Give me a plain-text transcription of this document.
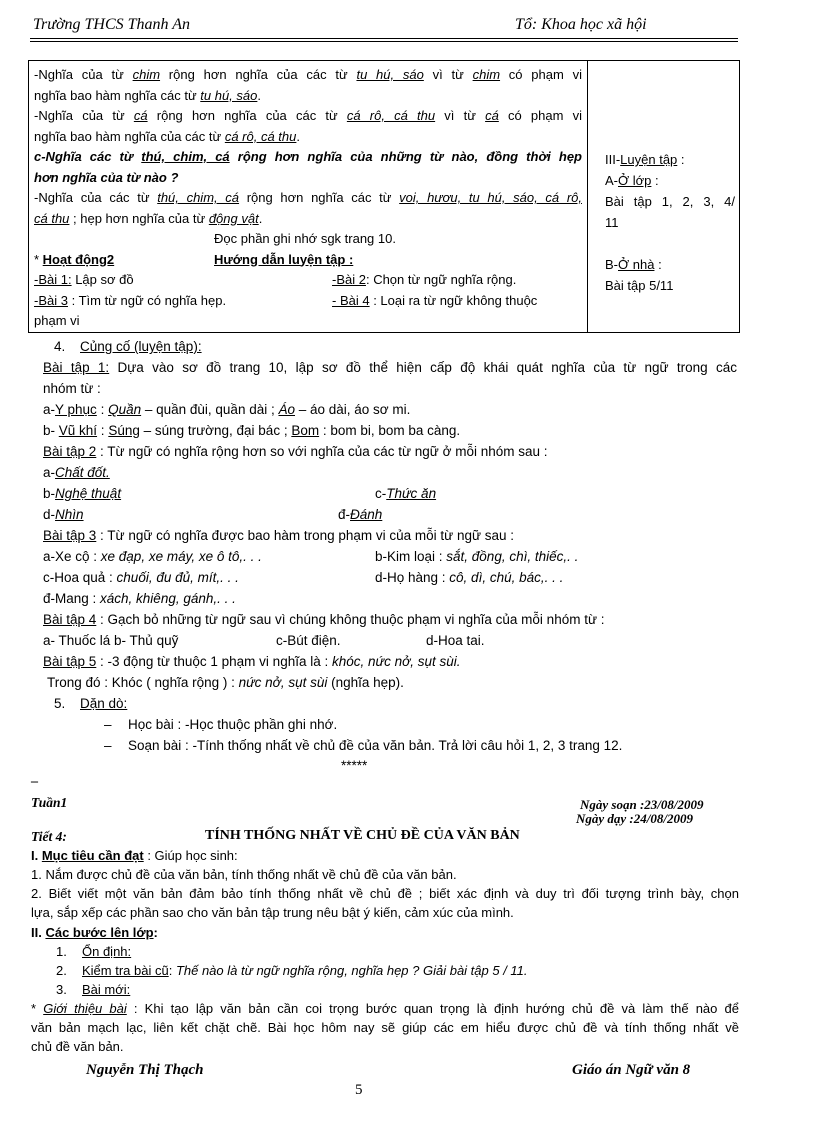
Trường THCS Thanh An	Tổ: Khoa học xã hội
-Nghĩa của từ chim rộng hơn nghĩa của các từ tu hú, sáo vì từ chim có phạm vi
nghĩa bao hàm nghĩa các từ tu hú, sáo.
-Nghĩa của từ cá rộng hơn nghĩa của các từ cá rô, cá thu vì từ cá có phạm vi
nghĩa bao hàm nghĩa của các từ cá rô, cá thu.
c-Nghĩa các từ thú, chim, cá rộng hơn nghĩa của những từ nào, đồng thời hẹp
hơn nghĩa của từ nào ?
-Nghĩa của các từ thú, chim, cá rộng hơn nghĩa các từ voi, hươu, tu hú, sáo, cá rô,
cá thu ; hẹp hơn nghĩa của từ động vật.
Đọc phần ghi nhớ sgk trang 10.
* Hoạt động2	Hướng dẫn luyện tập :
-Bài 1: Lập sơ đồ	-Bài 2: Chọn từ ngữ nghĩa rộng.
-Bài 3 : Tìm từ ngữ có nghĩa hẹp.	- Bài 4 : Loại ra từ ngữ không thuộc
phạm vi
III-Luyện tập :
A-Ở lớp :
Bài tập 1, 2, 3, 4/
11
B-Ở nhà :
Bài tập 5/11
4. Củng cố (luyện tập):
Bài tập 1: Dựa vào sơ đồ trang 10, lập sơ đồ thể hiện cấp độ khái quát nghĩa của từ ngữ trong các
nhóm từ :
a-Y phục : Quần – quần đùi, quần dài ; Áo – áo dài, áo sơ mi.
b- Vũ khí : Súng – súng trường, đại bác ; Bom : bom bi, bom ba càng.
Bài tập 2 : Từ ngữ có nghĩa rộng hơn so với nghĩa của các từ ngữ ở mỗi nhóm sau :
a-Chất đốt.
b-Nghệ thuật	c-Thức ăn
d-Nhìn	đ-Đánh
Bài tập 3 : Từ ngữ có nghĩa được bao hàm trong phạm vi của mỗi từ ngữ sau :
a-Xe cộ : xe đạp, xe máy, xe ô tô,. . .	b-Kim loại : sắt, đồng, chì, thiếc,. .
c-Hoa quả : chuối, đu đủ, mít,. . .	d-Họ hàng : cô, dì, chú, bác,. . .
đ-Mang : xách, khiêng, gánh,. . .
Bài tập 4 : Gạch bỏ những từ ngữ sau vì chúng không thuộc phạm vi nghĩa của mỗi nhóm từ :
a- Thuốc lá b- Thủ quỹ	c-Bút điện.	d-Hoa tai.
Bài tập 5 : -3 động từ thuộc 1 phạm vi nghĩa là : khóc, nức nở, sụt sùi.
Trong đó : Khóc ( nghĩa rộng ) : nức nở, sụt sùi (nghĩa hẹp).
5. Dặn dò:
– Học bài : -Học thuộc phần ghi nhớ.
– Soạn bài : -Tính thống nhất về chủ đề của văn bản. Trả lời câu hỏi 1, 2, 3 trang 12.
*****
–
Tuần1	Ngày soạn :23/08/2009
Ngày dạy :24/08/2009
Tiết 4:	TÍNH THỐNG NHẤT VỀ CHỦ ĐỀ CỦA VĂN BẢN
I. Mục tiêu cần đạt : Giúp học sinh:
1. Nắm được chủ đề của văn bản, tính thống nhất về chủ đề của văn bản.
2. Biết viết một văn bản đảm bảo tính thống nhất về chủ đề ; biết xác định và duy trì đối tượng trình bày, chọn
lựa, sắp xếp các phần sao cho văn bản tập trung nêu bật ý kiến, cảm xúc của mình.
II. Các bước lên lớp:
1. Ổn định:
2. Kiểm tra bài cũ: Thế nào là từ ngữ nghĩa rộng, nghĩa hẹp ? Giải bài tập 5 / 11.
3. Bài mới:
* Giới thiệu bài : Khi tạo lập văn bản cần coi trọng bước quan trọng là định hướng chủ đề và làm thế nào để
văn bản mạch lạc, liên kết chặt chẽ. Bài học hôm nay sẽ giúp các em hiểu được chủ đề và tính thống nhất về
chủ đề văn bản.
Nguyễn Thị Thạch	Giáo án Ngữ văn 8
5
